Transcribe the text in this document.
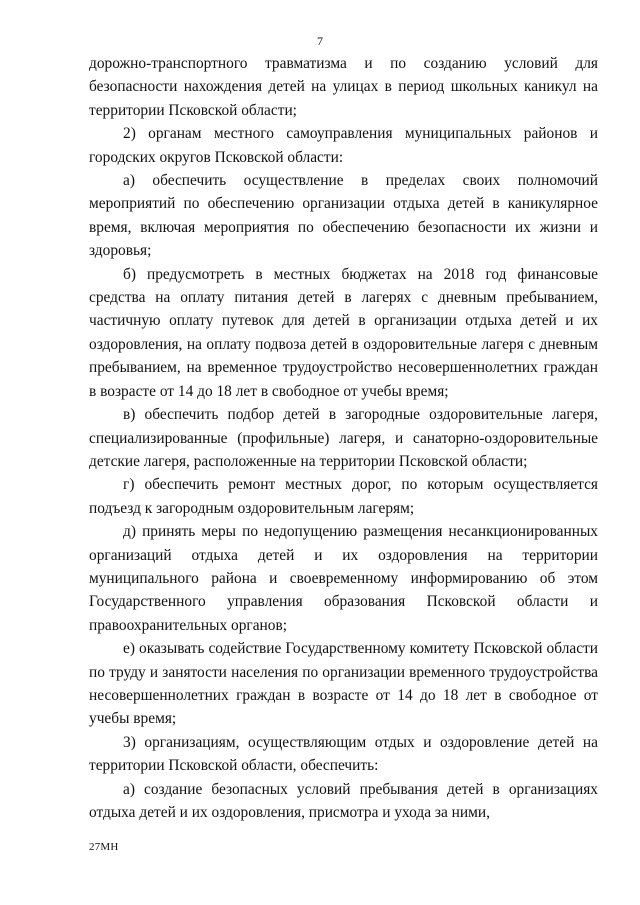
7

дорожно-транспортного травматизма и по созданию условий для безопасности нахождения детей на улицах в период школьных каникул на территории Псковской области;

2) органам местного самоуправления муниципальных районов и городских округов Псковской области:

а) обеспечить осуществление в пределах своих полномочий мероприятий по обеспечению организации отдыха детей в каникулярное время, включая мероприятия по обеспечению безопасности их жизни и здоровья;

б) предусмотреть в местных бюджетах на 2018 год финансовые средства на оплату питания детей в лагерях с дневным пребыванием, частичную оплату путевок для детей в организации отдыха детей и их оздоровления, на оплату подвоза детей в оздоровительные лагеря с дневным пребыванием, на временное трудоустройство несовершеннолетних граждан в возрасте от 14 до 18 лет в свободное от учебы время;

в) обеспечить подбор детей в загородные оздоровительные лагеря, специализированные (профильные) лагеря, и санаторно-оздоровительные детские лагеря, расположенные на территории Псковской области;

г) обеспечить ремонт местных дорог, по которым осуществляется подъезд к загородным оздоровительным лагерям;

д) принять меры по недопущению размещения несанкционированных организаций отдыха детей и их оздоровления на территории муниципального района и своевременному информированию об этом Государственного управления образования Псковской области и правоохранительных органов;

е) оказывать содействие Государственному комитету Псковской области по труду и занятости населения по организации временного трудоустройства несовершеннолетних граждан в возрасте от 14 до 18 лет в свободное от учебы время;

3) организациям, осуществляющим отдых и оздоровление детей на территории Псковской области, обеспечить:

а) создание безопасных условий пребывания детей в организациях отдыха детей и их оздоровления, присмотра и ухода за ними,

27МН
